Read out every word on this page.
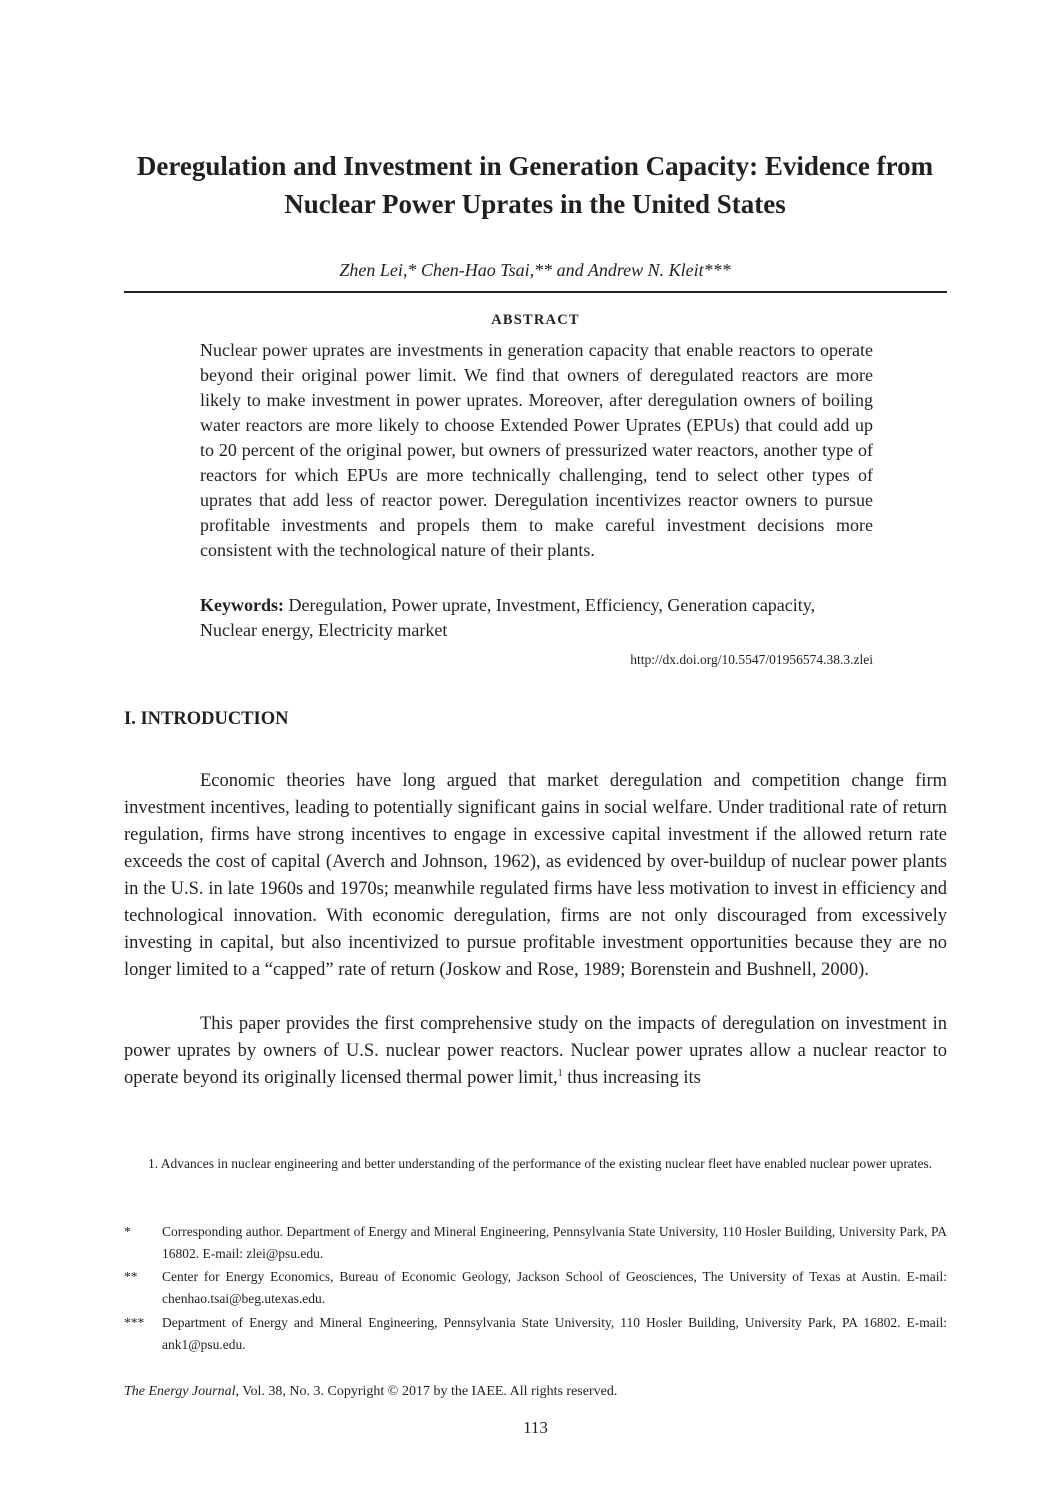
Deregulation and Investment in Generation Capacity: Evidence from Nuclear Power Uprates in the United States
Zhen Lei,* Chen-Hao Tsai,** and Andrew N. Kleit***
ABSTRACT

Nuclear power uprates are investments in generation capacity that enable reactors to operate beyond their original power limit. We find that owners of deregulated reactors are more likely to make investment in power uprates. Moreover, after deregulation owners of boiling water reactors are more likely to choose Extended Power Uprates (EPUs) that could add up to 20 percent of the original power, but owners of pressurized water reactors, another type of reactors for which EPUs are more technically challenging, tend to select other types of uprates that add less of reactor power. Deregulation incentivizes reactor owners to pursue profitable investments and propels them to make careful investment decisions more consistent with the technological nature of their plants.

Keywords: Deregulation, Power uprate, Investment, Efficiency, Generation capacity, Nuclear energy, Electricity market

http://dx.doi.org/10.5547/01956574.38.3.zlei
I. INTRODUCTION

Economic theories have long argued that market deregulation and competition change firm investment incentives, leading to potentially significant gains in social welfare. Under traditional rate of return regulation, firms have strong incentives to engage in excessive capital investment if the allowed return rate exceeds the cost of capital (Averch and Johnson, 1962), as evidenced by over-buildup of nuclear power plants in the U.S. in late 1960s and 1970s; meanwhile regulated firms have less motivation to invest in efficiency and technological innovation. With economic deregulation, firms are not only discouraged from excessively investing in capital, but also incentivized to pursue profitable investment opportunities because they are no longer limited to a “capped” rate of return (Joskow and Rose, 1989; Borenstein and Bushnell, 2000).

This paper provides the first comprehensive study on the impacts of deregulation on investment in power uprates by owners of U.S. nuclear power reactors. Nuclear power uprates allow a nuclear reactor to operate beyond its originally licensed thermal power limit,$^1$ thus increasing its

1. Advances in nuclear engineering and better understanding of the performance of the existing nuclear fleet have enabled nuclear power uprates.

* Corresponding author. Department of Energy and Mineral Engineering, Pennsylvania State University, 110 Hosler Building, University Park, PA 16802. E-mail: zlei@psu.edu.
** Center for Energy Economics, Bureau of Economic Geology, Jackson School of Geosciences, The University of Texas at Austin. E-mail: chenhao.tsai@beg.utexas.edu.
*** Department of Energy and Mineral Engineering, Pennsylvania State University, 110 Hosler Building, University Park, PA 16802. E-mail: ank1@psu.edu.
The Energy Journal, Vol. 38, No. 3. Copyright © 2017 by the IAEE. All rights reserved.
113
